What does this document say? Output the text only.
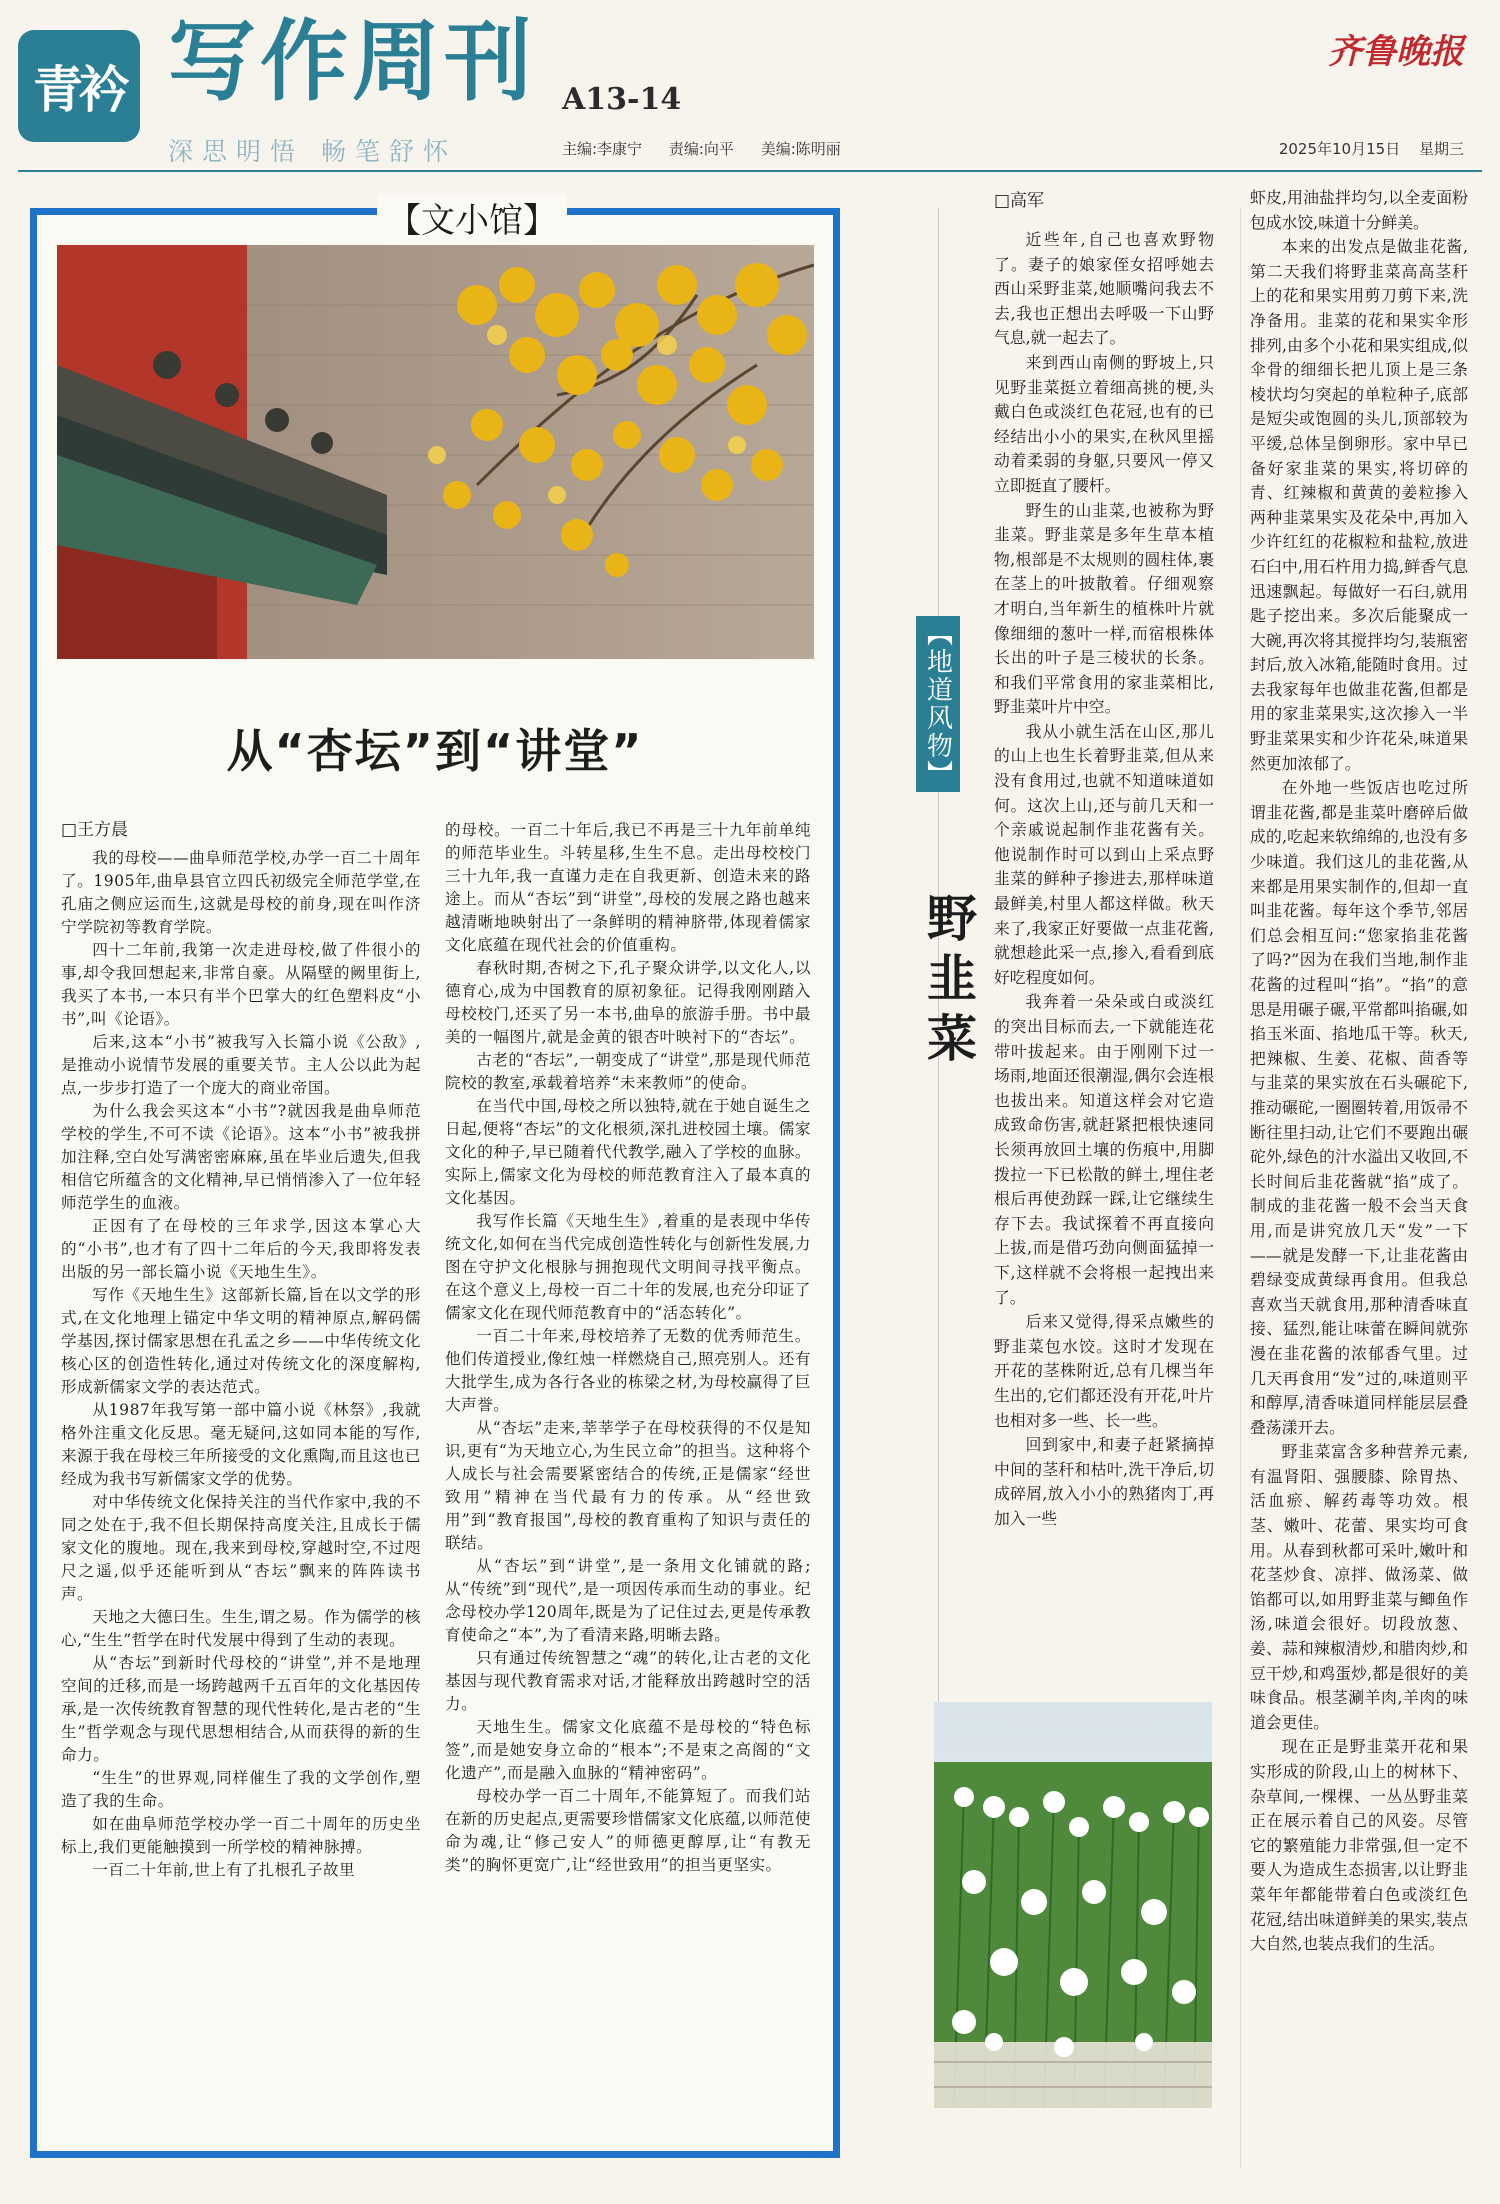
青衿 写作周刊 A13-14
深思明悟 畅笔舒怀	主编:李康宁 责编:向平 美编:陈明丽
齐鲁晚报
2025年10月15日 星期三
【文小馆】
从“杏坛”到“讲堂”
□王方晨

我的母校——曲阜师范学校,办学一百二十周年了。1905年,曲阜县官立四氏初级完全师范学堂,在孔庙之侧应运而生,这就是母校的前身,现在叫作济宁学院初等教育学院。

四十二年前,我第一次走进母校,做了件很小的事,却令我回想起来,非常自豪。从隔壁的阙里街上,我买了本书,一本只有半个巴掌大的红色塑料皮“小书”,叫《论语》。

后来,这本“小书”被我写入长篇小说《公敌》,是推动小说情节发展的重要关节。主人公以此为起点,一步步打造了一个庞大的商业帝国。

为什么我会买这本“小书”?就因我是曲阜师范学校的学生,不可不读《论语》。这本“小书”被我拼加注释,空白处写满密密麻麻,虽在毕业后遗失,但我相信它所蕴含的文化精神,早已悄悄渗入了一位年轻师范学生的血液。

正因有了在母校的三年求学,因这本掌心大的“小书”,也才有了四十二年后的今天,我即将发表出版的另一部长篇小说《天地生生》。

写作《天地生生》这部新长篇,旨在以文学的形式,在文化地理上锚定中华文明的精神原点,解码儒学基因,探讨儒家思想在孔孟之乡——中华传统文化核心区的创造性转化,通过对传统文化的深度解构,形成新儒家文学的表达范式。

从1987年我写第一部中篇小说《林祭》,我就格外注重文化反思。毫无疑问,这如同本能的写作,来源于我在母校三年所接受的文化熏陶,而且这也已经成为我书写新儒家文学的优势。

对中华传统文化保持关注的当代作家中,我的不同之处在于,我不但长期保持高度关注,且成长于儒家文化的腹地。现在,我来到母校,穿越时空,不过咫尺之遥,似乎还能听到从“杏坛”飘来的阵阵读书声。

天地之大德曰生。生生,谓之易。作为儒学的核心,“生生”哲学在时代发展中得到了生动的表现。

从“杏坛”到新时代母校的“讲堂”,并不是地理空间的迁移,而是一场跨越两千五百年的文化基因传承,是一次传统教育智慧的现代性转化,是古老的“生生”哲学观念与现代思想相结合,从而获得的新的生命力。

“生生”的世界观,同样催生了我的文学创作,塑造了我的生命。

如在曲阜师范学校办学一百二十周年的历史坐标上,我们更能触摸到一所学校的精神脉搏。

一百二十年前,世上有了扎根孔子故里

的母校。一百二十年后,我已不再是三十九年前单纯的师范毕业生。斗转星移,生生不息。走出母校校门三十九年,我一直谨力走在自我更新、创造未来的路途上。而从“杏坛”到“讲堂”,母校的发展之路也越来越清晰地映射出了一条鲜明的精神脐带,体现着儒家文化底蕴在现代社会的价值重构。

春秋时期,杏树之下,孔子聚众讲学,以文化人,以德育心,成为中国教育的原初象征。记得我刚刚踏入母校校门,还买了另一本书,曲阜的旅游手册。书中最美的一幅图片,就是金黄的银杏叶映衬下的“杏坛”。

古老的“杏坛”,一朝变成了“讲堂”,那是现代师范院校的教室,承载着培养“未来教师”的使命。

在当代中国,母校之所以独特,就在于她自诞生之日起,便将“杏坛”的文化根须,深扎进校园土壤。儒家文化的种子,早已随着代代教学,融入了学校的血脉。实际上,儒家文化为母校的师范教育注入了最本真的文化基因。

我写作长篇《天地生生》,着重的是表现中华传统文化,如何在当代完成创造性转化与创新性发展,力图在守护文化根脉与拥抱现代文明间寻找平衡点。在这个意义上,母校一百二十年的发展,也充分印证了儒家文化在现代师范教育中的“活态转化”。

一百二十年来,母校培养了无数的优秀师范生。他们传道授业,像红烛一样燃烧自己,照亮别人。还有大批学生,成为各行各业的栋梁之材,为母校赢得了巨大声誉。

从“杏坛”走来,莘莘学子在母校获得的不仅是知识,更有“为天地立心,为生民立命”的担当。这种将个人成长与社会需要紧密结合的传统,正是儒家“经世致用”精神在当代最有力的传承。从“经世致用”到“教育报国”,母校的教育重构了知识与责任的联结。

从“杏坛”到“讲堂”,是一条用文化铺就的路;从“传统”到“现代”,是一项因传承而生动的事业。纪念母校办学120周年,既是为了记住过去,更是传承教育使命之“本”,为了看清来路,明晰去路。

只有通过传统智慧之“魂”的转化,让古老的文化基因与现代教育需求对话,才能释放出跨越时空的活力。

天地生生。儒家文化底蕴不是母校的“特色标签”,而是她安身立命的“根本”;不是束之高阁的“文化遗产”,而是融入血脉的“精神密码”。

母校办学一百二十周年,不能算短了。而我们站在新的历史起点,更需要珍惜儒家文化底蕴,以师范使命为魂,让“修己安人”的师德更醇厚,让“有教无类”的胸怀更宽广,让“经世致用”的担当更坚实。

【地道风物】
野韭菜
□高军

近些年,自己也喜欢野物了。妻子的娘家侄女招呼她去西山采野韭菜,她顺嘴问我去不去,我也正想出去呼吸一下山野气息,就一起去了。

来到西山南侧的野坡上,只见野韭菜挺立着细高挑的梗,头戴白色或淡红色花冠,也有的已经结出小小的果实,在秋风里摇动着柔弱的身躯,只要风一停又立即挺直了腰杆。

野生的山韭菜,也被称为野韭菜。野韭菜是多年生草本植物,根部是不太规则的圆柱体,裹在茎上的叶披散着。仔细观察才明白,当年新生的植株叶片就像细细的葱叶一样,而宿根株体长出的叶子是三棱状的长条。和我们平常食用的家韭菜相比,野韭菜叶片中空。

我从小就生活在山区,那儿的山上也生长着野韭菜,但从来没有食用过,也就不知道味道如何。这次上山,还与前几天和一个亲戚说起制作韭花酱有关。他说制作时可以到山上采点野韭菜的鲜种子掺进去,那样味道最鲜美,村里人都这样做。秋天来了,我家正好要做一点韭花酱,就想趁此采一点,掺入,看看到底好吃程度如何。

我奔着一朵朵或白或淡红的突出目标而去,一下就能连花带叶拔起来。由于刚刚下过一场雨,地面还很潮湿,偶尔会连根也拔出来。知道这样会对它造成致命伤害,就赶紧把根快速同长须再放回土壤的伤痕中,用脚拨拉一下已松散的鲜土,埋住老根后再使劲踩一踩,让它继续生存下去。我试探着不再直接向上拔,而是借巧劲向侧面猛掉一下,这样就不会将根一起拽出来了。

后来又觉得,得采点嫩些的野韭菜包水饺。这时才发现在开花的茎株附近,总有几棵当年生出的,它们都还没有开花,叶片也相对多一些、长一些。

回到家中,和妻子赶紧摘掉中间的茎秆和枯叶,洗干净后,切成碎屑,放入小小的熟猪肉丁,再加入一些

虾皮,用油盐拌均匀,以全麦面粉包成水饺,味道十分鲜美。

本来的出发点是做韭花酱,第二天我们将野韭菜高高茎秆上的花和果实用剪刀剪下来,洗净备用。韭菜的花和果实伞形排列,由多个小花和果实组成,似伞骨的细细长把儿顶上是三条棱状均匀突起的单粒种子,底部是短尖或饱圆的头儿,顶部较为平缓,总体呈倒卵形。家中早已备好家韭菜的果实,将切碎的青、红辣椒和黄黄的姜粒掺入两种韭菜果实及花朵中,再加入少许红红的花椒粒和盐粒,放进石臼中,用石杵用力捣,鲜香气息迅速飘起。每做好一石臼,就用匙子挖出来。多次后能聚成一大碗,再次将其搅拌均匀,装瓶密封后,放入冰箱,能随时食用。过去我家每年也做韭花酱,但都是用的家韭菜果实,这次掺入一半野韭菜果实和少许花朵,味道果然更加浓郁了。

在外地一些饭店也吃过所谓韭花酱,都是韭菜叶磨碎后做成的,吃起来软绵绵的,也没有多少味道。我们这儿的韭花酱,从来都是用果实制作的,但却一直叫韭花酱。每年这个季节,邻居们总会相互问:“您家掐韭花酱了吗?”因为在我们当地,制作韭花酱的过程叫“掐”。“掐”的意思是用碾子碾,平常都叫掐碾,如掐玉米面、掐地瓜干等。秋天,把辣椒、生姜、花椒、茴香等与韭菜的果实放在石头碾砣下,推动碾砣,一圈圈转着,用饭帚不断往里扫动,让它们不要跑出碾砣外,绿色的汁水溢出又收回,不长时间后韭花酱就“掐”成了。制成的韭花酱一般不会当天食用,而是讲究放几天“发”一下——就是发酵一下,让韭花酱由碧绿变成黄绿再食用。但我总喜欢当天就食用,那种清香味直接、猛烈,能让味蕾在瞬间就弥漫在韭花酱的浓郁香气里。过几天再食用“发”过的,味道则平和醇厚,清香味道同样能层层叠叠荡漾开去。

野韭菜富含多种营养元素,有温肾阳、强腰膝、除胃热、活血瘀、解药毒等功效。根茎、嫩叶、花蕾、果实均可食用。从春到秋都可采叶,嫩叶和花茎炒食、凉拌、做汤菜、做馅都可以,如用野韭菜与鲫鱼作汤,味道会很好。切段放葱、姜、蒜和辣椒清炒,和腊肉炒,和豆干炒,和鸡蛋炒,都是很好的美味食品。根茎涮羊肉,羊肉的味道会更佳。

现在正是野韭菜开花和果实形成的阶段,山上的树林下、杂草间,一棵棵、一丛丛野韭菜正在展示着自己的风姿。尽管它的繁殖能力非常强,但一定不要人为造成生态损害,以让野韭菜年年都能带着白色或淡红色花冠,结出味道鲜美的果实,装点大自然,也装点我们的生活。
